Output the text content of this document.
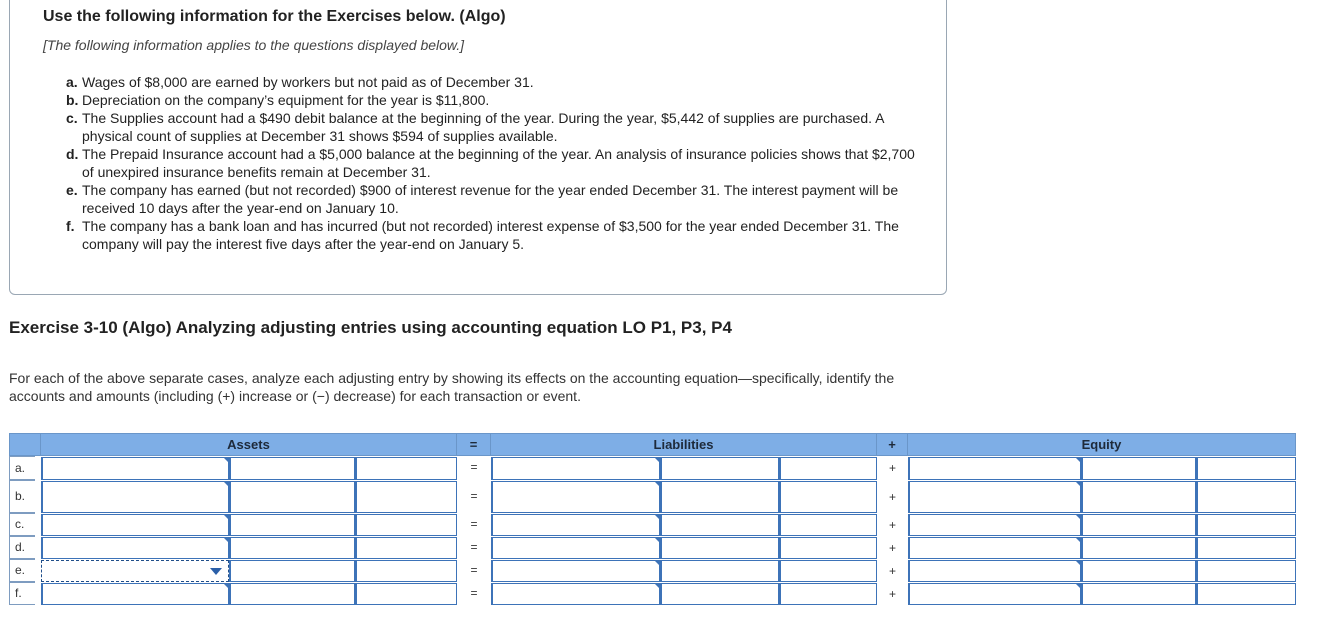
Use the following information for the Exercises below. (Algo)
[The following information applies to the questions displayed below.]
a. Wages of $8,000 are earned by workers but not paid as of December 31.
b. Depreciation on the company’s equipment for the year is $11,800.
c. The Supplies account had a $490 debit balance at the beginning of the year. During the year, $5,442 of supplies are purchased. A physical count of supplies at December 31 shows $594 of supplies available.
d. The Prepaid Insurance account had a $5,000 balance at the beginning of the year. An analysis of insurance policies shows that $2,700 of unexpired insurance benefits remain at December 31.
e. The company has earned (but not recorded) $900 of interest revenue for the year ended December 31. The interest payment will be received 10 days after the year-end on January 10.
f. The company has a bank loan and has incurred (but not recorded) interest expense of $3,500 for the year ended December 31. The company will pay the interest five days after the year-end on January 5.
Exercise 3-10 (Algo) Analyzing adjusting entries using accounting equation LO P1, P3, P4
For each of the above separate cases, analyze each adjusting entry by showing its effects on the accounting equation—specifically, identify the accounts and amounts (including (+) increase or (−) decrease) for each transaction or event.
Assets	=	Liabilities	+	Equity
a.	=	+
b.	=	+
c.	=	+
d.	=	+
e.	=	+
f.	=	+
